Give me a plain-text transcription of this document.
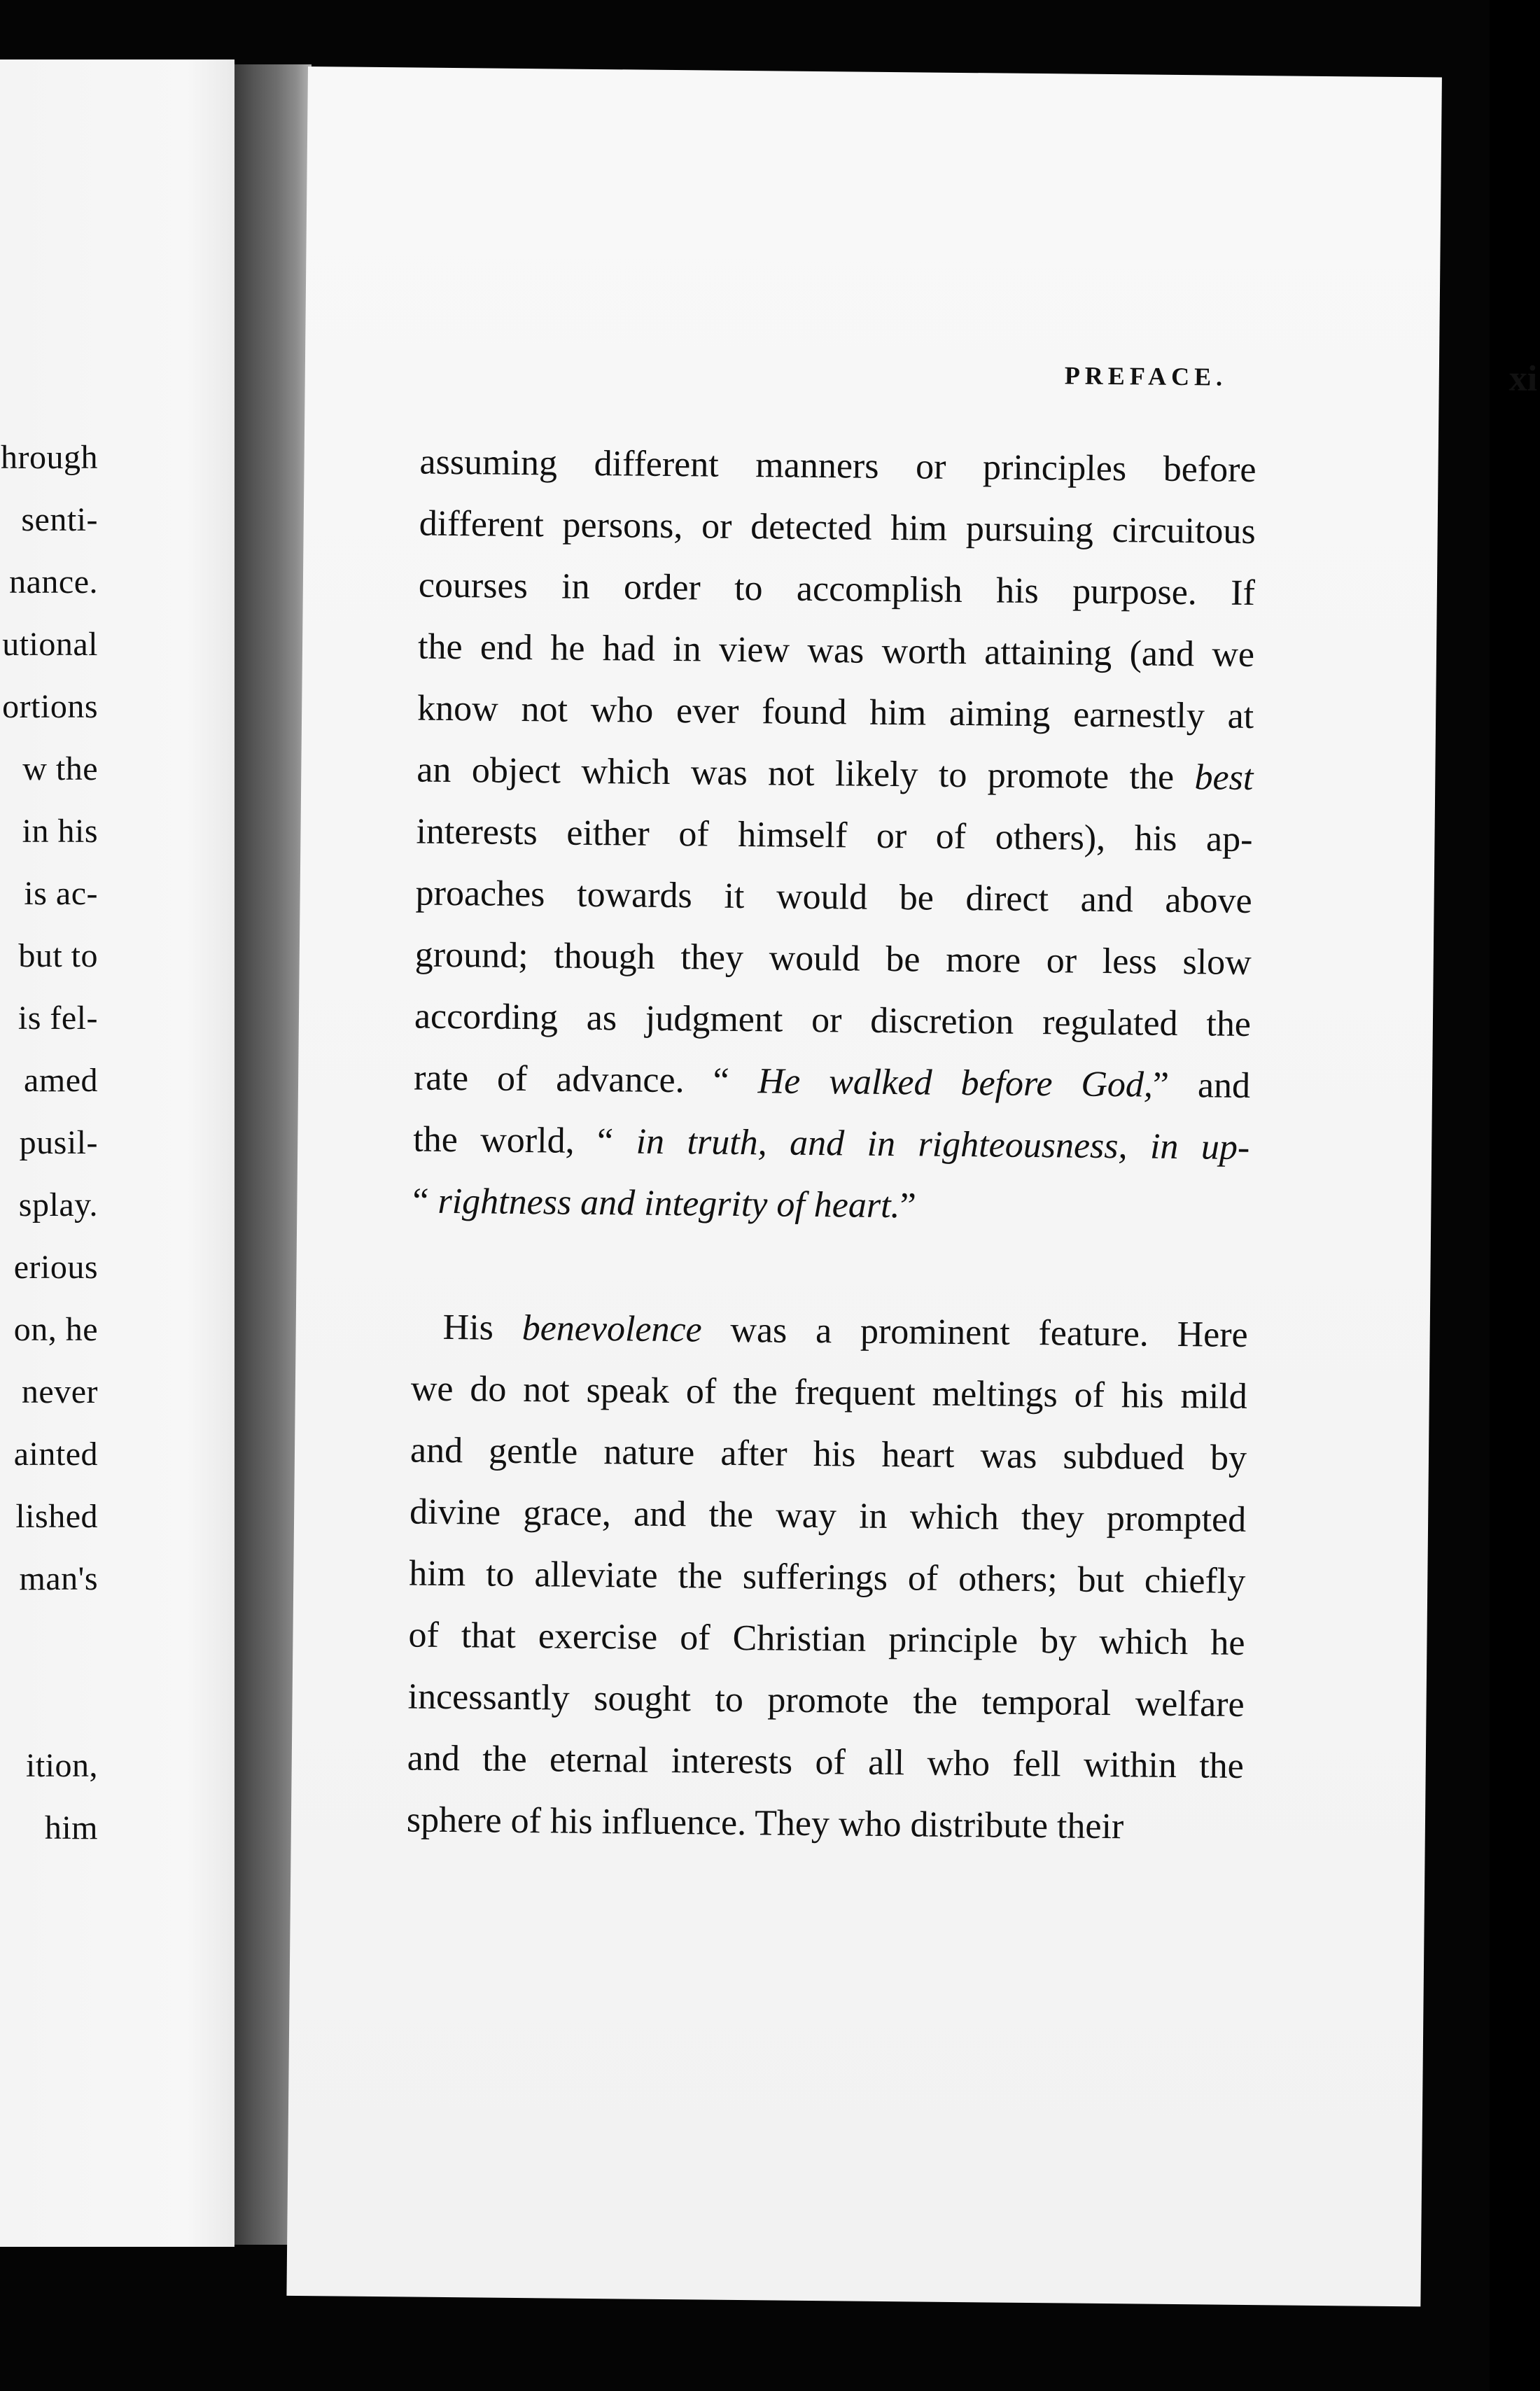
hrough
senti-
nance.
utional
ortions
w the
in his
is ac-
but to
is fel-
amed
pusil-
splay.
erious
on, he
never
ainted
lished
man's
ition,
him
PREFACE.	xi
assuming different manners or principles before
different persons, or detected him pursuing circuitous
courses in order to accomplish his purpose. If
the end he had in view was worth attaining (and we
know not who ever found him aiming earnestly at
an object which was not likely to promote the best
interests either of himself or of others), his ap-
proaches towards it would be direct and above
ground; though they would be more or less slow
according as judgment or discretion regulated the
rate of advance. “ He walked before God,” and
the world, “ in truth, and in righteousness, in up-
“ rightness and integrity of heart.”
His benevolence was a prominent feature. Here
we do not speak of the frequent meltings of his mild
and gentle nature after his heart was subdued by
divine grace, and the way in which they prompted
him to alleviate the sufferings of others; but chiefly
of that exercise of Christian principle by which he
incessantly sought to promote the temporal welfare
and the eternal interests of all who fell within the
sphere of his influence. They who distribute their
